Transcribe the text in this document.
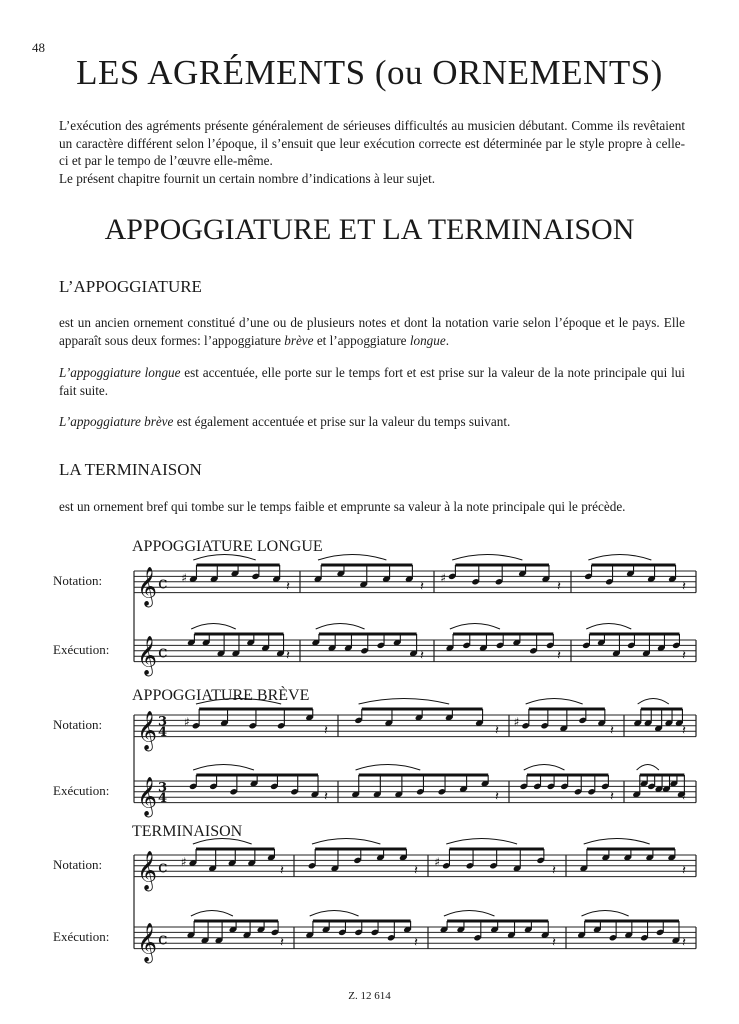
48
LES AGRÉMENTS (ou ORNEMENTS)
L’exécution des agréments présente généralement de sérieuses difficultés au musicien débutant. Comme ils revêtaient un caractère différent selon l’époque, il s’ensuit que leur exécution correcte est déterminée par le style propre à celle-ci et par le tempo de l’œuvre elle-même.
Le présent chapitre fournit un certain nombre d’indications à leur sujet.
APPOGGIATURE ET LA TERMINAISON
L’APPOGGIATURE

est un ancien ornement constitué d’une ou de plusieurs notes et dont la notation varie selon l’époque et le pays. Elle apparaît sous deux formes: l’appoggiature brève et l’appoggiature longue.

L’appoggiature longue est accentuée, elle porte sur le temps fort et est prise sur la valeur de la note principale qui lui fait suite.

L’appoggiature brève est également accentuée et prise sur la valeur du temps suivant.

LA TERMINAISON

est un ornement bref qui tombe sur le temps faible et emprunte sa valeur à la note principale qui le précède.

APPOGGIATURE LONGUE
𝄞 c ♯
𝄽	𝄽
♯
𝄽	𝄽
Notation:
𝄞 c	𝄽	𝄽	𝄽	𝄽
Exécution:
APPOGGIATURE BRÈVE
𝄞 3
4
♯
𝄽	𝄽
♯
𝄽	𝄽
Notation:
𝄞 3
4	𝄽	𝄽	𝄽	𝄽
Exécution:
TERMINAISON
𝄞 c ♯
𝄽	𝄽
♯
𝄽	𝄽
Notation:
𝄞 c	𝄽	𝄽	𝄽	𝄽
Exécution:
Z. 12 614
